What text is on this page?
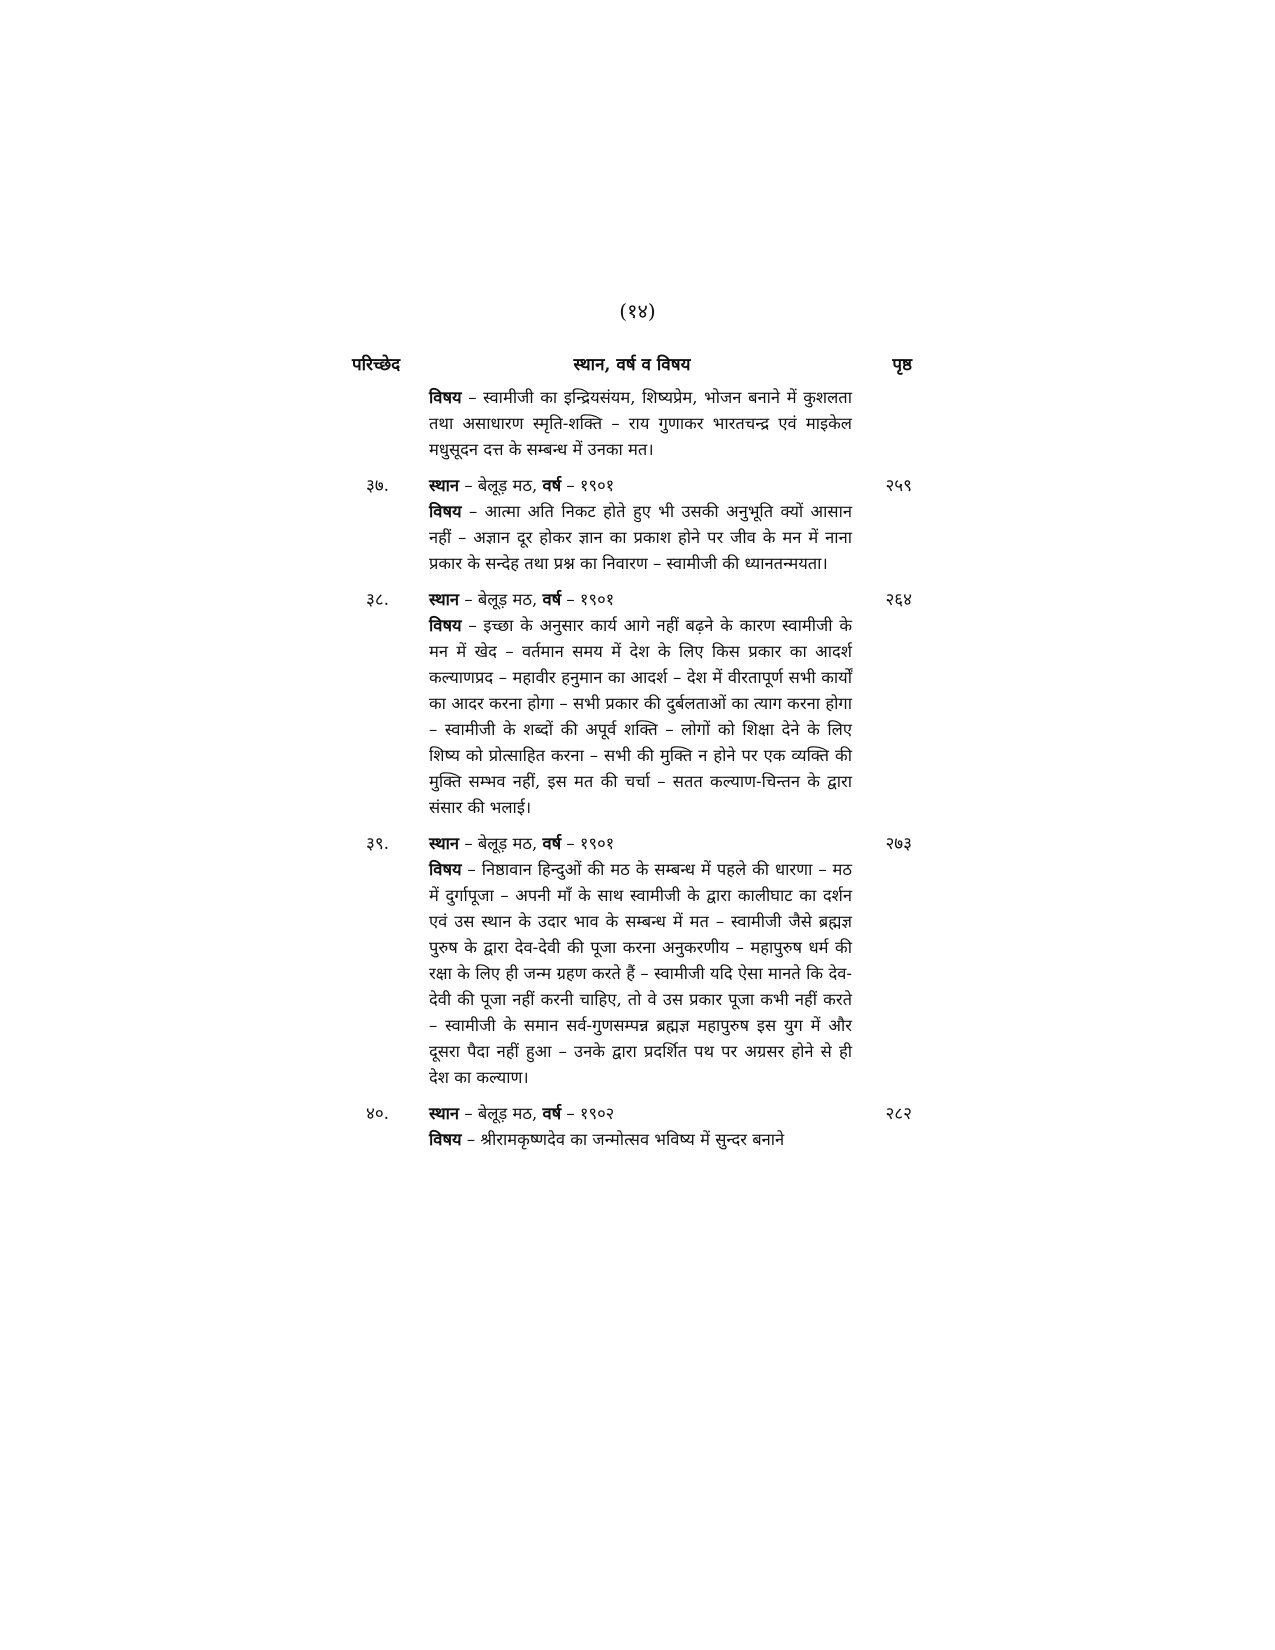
(१४)
परिच्छेद	स्थान, वर्ष व विषय	पृष्ठ
विषय – स्वामीजी का इन्द्रियसंयम, शिष्यप्रेम, भोजन बनाने में कुशलता तथा असाधारण स्मृति-शक्ति – राय गुणाकर भारतचन्द्र एवं माइकेल मधुसूदन दत्त के सम्बन्ध में उनका मत।
३७.	२५९
स्थान – बेलूड़ मठ, वर्ष – १९०१
विषय – आत्मा अति निकट होते हुए भी उसकी अनुभूति क्यों आसान नहीं – अज्ञान दूर होकर ज्ञान का प्रकाश होने पर जीव के मन में नाना प्रकार के सन्देह तथा प्रश्न का निवारण – स्वामीजी की ध्यानतन्मयता।
३८.	२६४
स्थान – बेलूड़ मठ, वर्ष – १९०१
विषय – इच्छा के अनुसार कार्य आगे नहीं बढ़ने के कारण स्वामीजी के मन में खेद – वर्तमान समय में देश के लिए किस प्रकार का आदर्श कल्याणप्रद – महावीर हनुमान का आदर्श – देश में वीरतापूर्ण सभी कार्यों का आदर करना होगा – सभी प्रकार की दुर्बलताओं का त्याग करना होगा – स्वामीजी के शब्दों की अपूर्व शक्ति – लोगों को शिक्षा देने के लिए शिष्य को प्रोत्साहित करना – सभी की मुक्ति न होने पर एक व्यक्ति की मुक्ति सम्भव नहीं, इस मत की चर्चा – सतत कल्याण-चिन्तन के द्वारा संसार की भलाई।
३९.	२७३
स्थान – बेलूड़ मठ, वर्ष – १९०१
विषय – निष्ठावान हिन्दुओं की मठ के सम्बन्ध में पहले की धारणा – मठ में दुर्गापूजा – अपनी माँ के साथ स्वामीजी के द्वारा कालीघाट का दर्शन एवं उस स्थान के उदार भाव के सम्बन्ध में मत – स्वामीजी जैसे ब्रह्मज्ञ पुरुष के द्वारा देव-देवी की पूजा करना अनुकरणीय – महापुरुष धर्म की रक्षा के लिए ही जन्म ग्रहण करते हैं – स्वामीजी यदि ऐसा मानते कि देव-देवी की पूजा नहीं करनी चाहिए, तो वे उस प्रकार पूजा कभी नहीं करते – स्वामीजी के समान सर्व-गुणसम्पन्न ब्रह्मज्ञ महापुरुष इस युग में और दूसरा पैदा नहीं हुआ – उनके द्वारा प्रदर्शित पथ पर अग्रसर होने से ही देश का कल्याण।
४०.	२८२
स्थान – बेलूड़ मठ, वर्ष – १९०२
विषय – श्रीरामकृष्णदेव का जन्मोत्सव भविष्य में सुन्दर बनाने
